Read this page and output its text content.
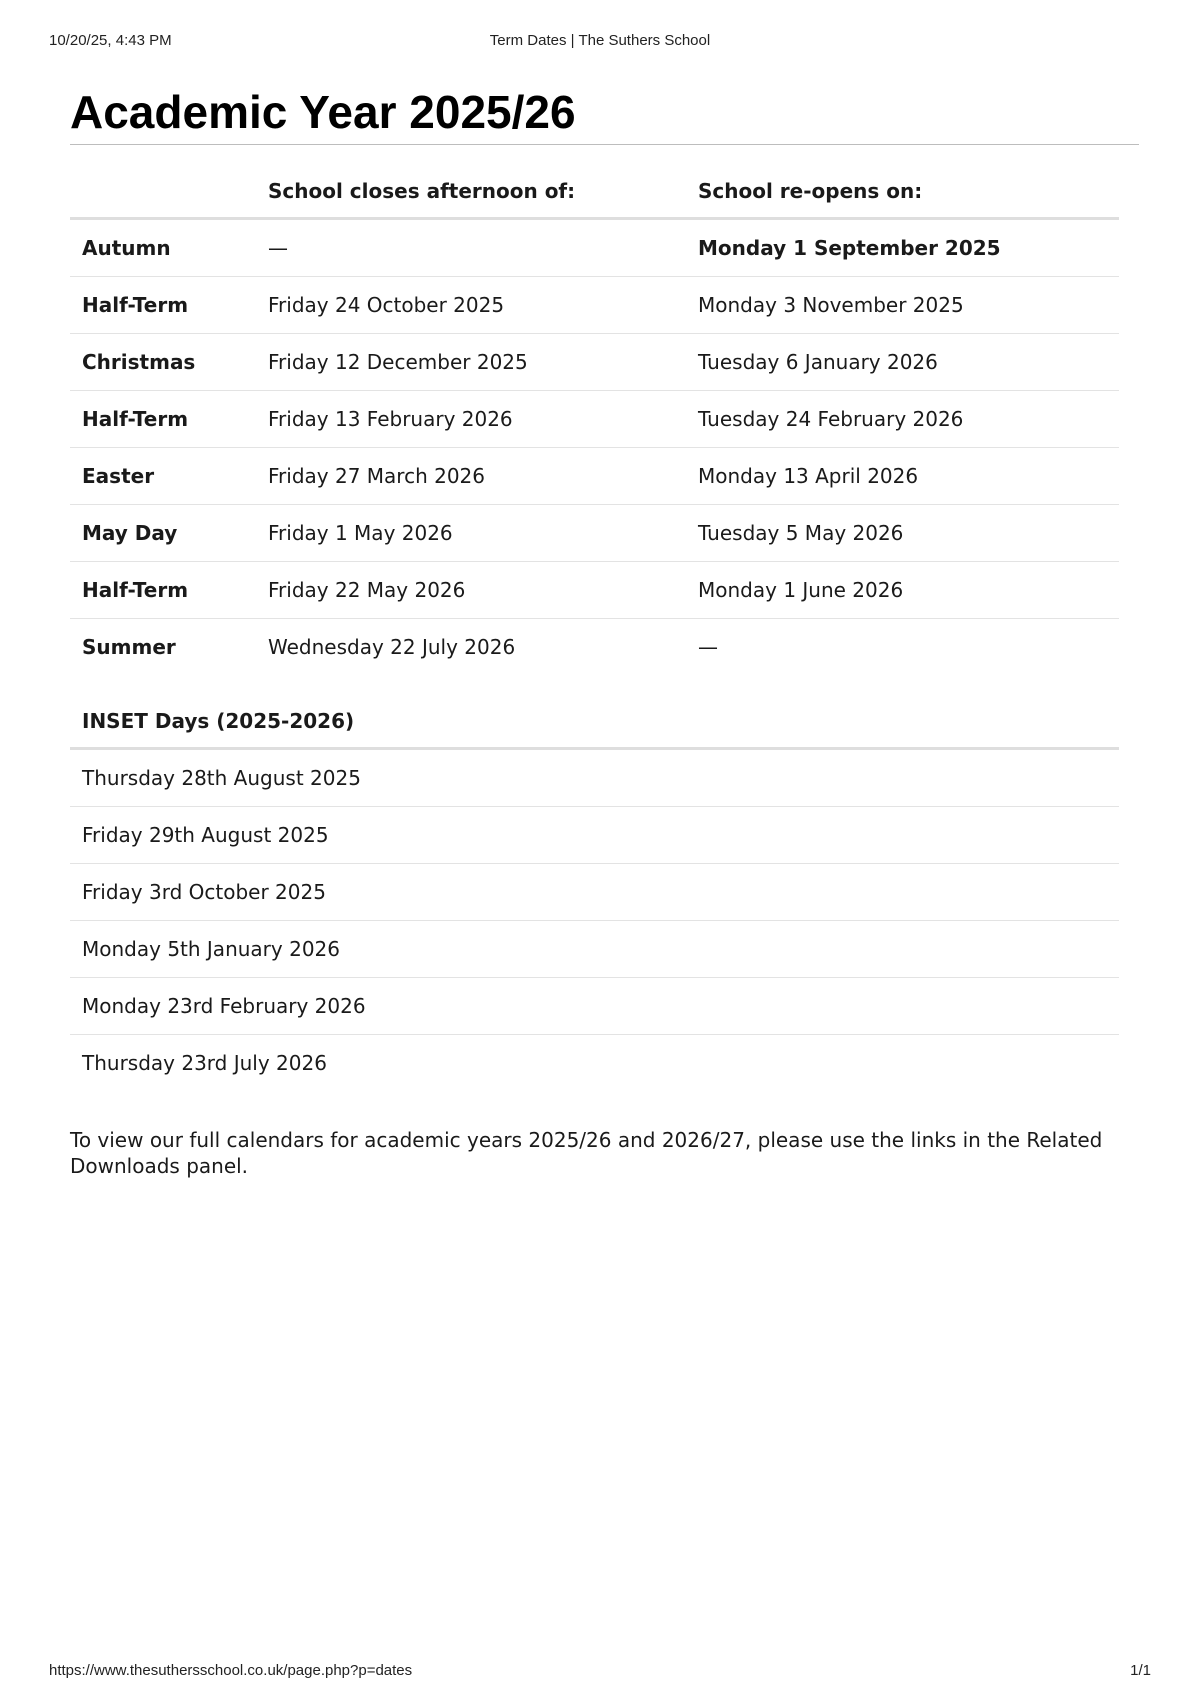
10/20/25, 4:43 PM	Term Dates | The Suthers School
Academic Year 2025/26
	School closes afternoon of:	School re-opens on:
Autumn	—	Monday 1 September 2025
Half-Term	Friday 24 October 2025	Monday 3 November 2025
Christmas	Friday 12 December 2025	Tuesday 6 January 2026
Half-Term	Friday 13 February 2026	Tuesday 24 February 2026
Easter	Friday 27 March 2026	Monday 13 April 2026
May Day	Friday 1 May 2026	Tuesday 5 May 2026
Half-Term	Friday 22 May 2026	Monday 1 June 2026
Summer	Wednesday 22 July 2026	—
INSET Days (2025-2026)
Thursday 28th August 2025
Friday 29th August 2025
Friday 3rd October 2025
Monday 5th January 2026
Monday 23rd February 2026
Thursday 23rd July 2026

To view our full calendars for academic years 2025/26 and 2026/27, please use the links in the Related Downloads panel.

https://www.thesuthersschool.co.uk/page.php?p=dates	1/1
